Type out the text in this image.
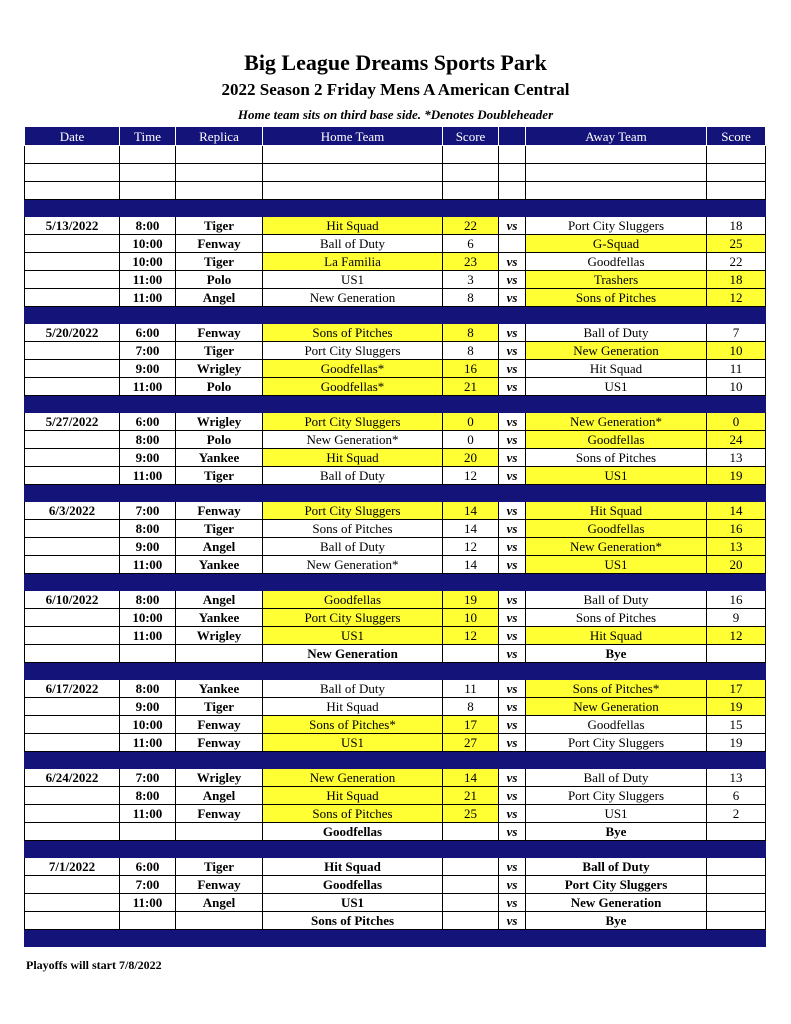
Big League Dreams Sports Park
2022 Season 2 Friday Mens A American Central
Home team sits on third base side. *Denotes Doubleheader
Date	Time	Replica	Home Team	Score		Away Team	Score

5/13/2022	8:00	Tiger	Hit Squad	22	vs	Port City Sluggers	18
	10:00	Fenway	Ball of Duty	6		G-Squad	25
	10:00	Tiger	La Familia	23	vs	Goodfellas	22
	11:00	Polo	US1	3	vs	Trashers	18
	11:00	Angel	New Generation	8	vs	Sons of Pitches	12

5/20/2022	6:00	Fenway	Sons of Pitches	8	vs	Ball of Duty	7
	7:00	Tiger	Port City Sluggers	8	vs	New Generation	10
	9:00	Wrigley	Goodfellas*	16	vs	Hit Squad	11
	11:00	Polo	Goodfellas*	21	vs	US1	10

5/27/2022	6:00	Wrigley	Port City Sluggers	0	vs	New Generation*	0
	8:00	Polo	New Generation*	0	vs	Goodfellas	24
	9:00	Yankee	Hit Squad	20	vs	Sons of Pitches	13
	11:00	Tiger	Ball of Duty	12	vs	US1	19

6/3/2022	7:00	Fenway	Port City Sluggers	14	vs	Hit Squad	14
	8:00	Tiger	Sons of Pitches	14	vs	Goodfellas	16
	9:00	Angel	Ball of Duty	12	vs	New Generation*	13
	11:00	Yankee	New Generation*	14	vs	US1	20

6/10/2022	8:00	Angel	Goodfellas	19	vs	Ball of Duty	16
	10:00	Yankee	Port City Sluggers	10	vs	Sons of Pitches	9
	11:00	Wrigley	US1	12	vs	Hit Squad	12
			New Generation		vs	Bye	

6/17/2022	8:00	Yankee	Ball of Duty	11	vs	Sons of Pitches*	17
	9:00	Tiger	Hit Squad	8	vs	New Generation	19
	10:00	Fenway	Sons of Pitches*	17	vs	Goodfellas	15
	11:00	Fenway	US1	27	vs	Port City Sluggers	19

6/24/2022	7:00	Wrigley	New Generation	14	vs	Ball of Duty	13
	8:00	Angel	Hit Squad	21	vs	Port City Sluggers	6
	11:00	Fenway	Sons of Pitches	25	vs	US1	2
			Goodfellas		vs	Bye	

7/1/2022	6:00	Tiger	Hit Squad		vs	Ball of Duty	
	7:00	Fenway	Goodfellas		vs	Port City Sluggers	
	11:00	Angel	US1		vs	New Generation	
			Sons of Pitches		vs	Bye	

Playoffs will start 7/8/2022
